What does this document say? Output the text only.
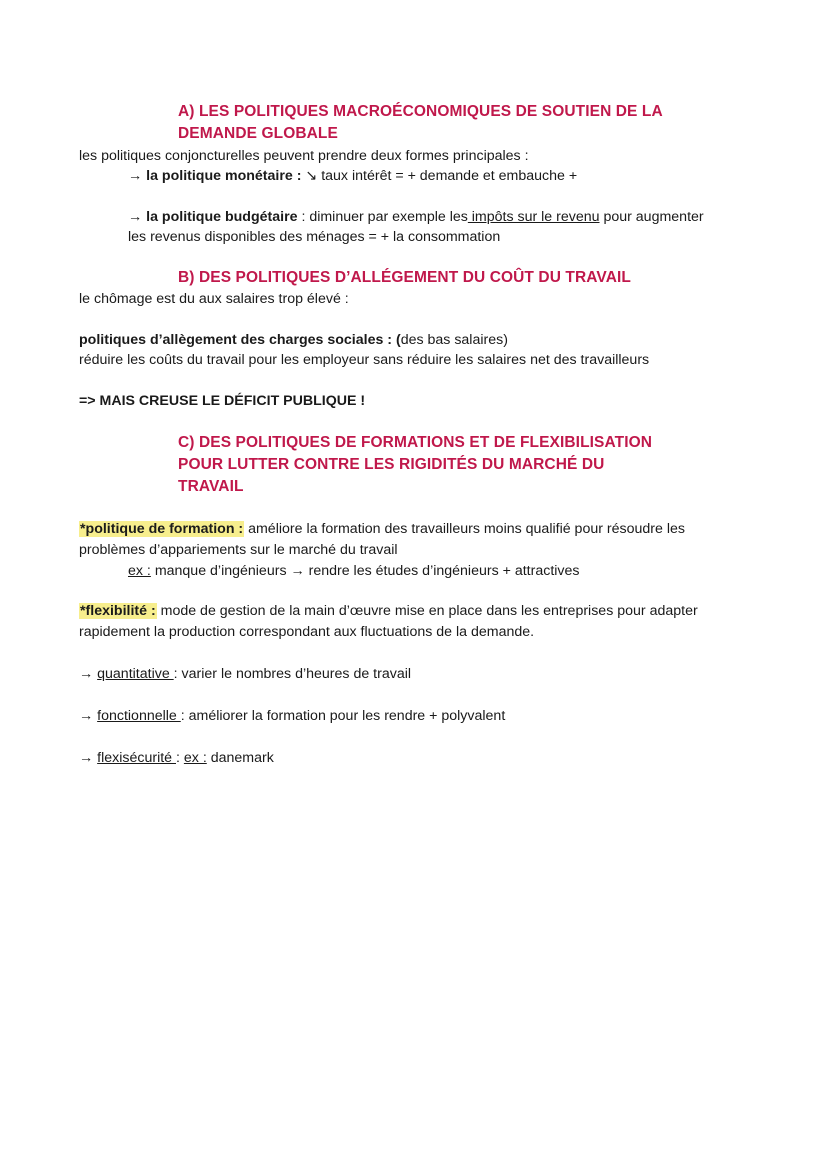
A) LES POLITIQUES MACROÉCONOMIQUES DE SOUTIEN DE LA
DEMANDE GLOBALE
les politiques conjoncturelles peuvent prendre deux formes principales :
→ la politique monétaire : ↘ taux intérêt = + demande et embauche +
→ la politique budgétaire : diminuer par exemple les impôts sur le revenu pour augmenter
les revenus disponibles des ménages = + la consommation
B) DES POLITIQUES D’ALLÉGEMENT DU COÛT DU TRAVAIL
le chômage est du aux salaires trop élevé :
politiques d’allègement des charges sociales : (des bas salaires)
réduire les coûts du travail pour les employeur sans réduire les salaires net des travailleurs
=> MAIS CREUSE LE DÉFICIT PUBLIQUE !
C) DES POLITIQUES DE FORMATIONS ET DE FLEXIBILISATION
POUR LUTTER CONTRE LES RIGIDITÉS DU MARCHÉ DU
TRAVAIL
*politique de formation : améliore la formation des travailleurs moins qualifié pour résoudre les
problèmes d’appariements sur le marché du travail
ex : manque d’ingénieurs → rendre les études d’ingénieurs + attractives
*flexibilité : mode de gestion de la main d’œuvre mise en place dans les entreprises pour adapter
rapidement la production correspondant aux fluctuations de la demande.
→ quantitative : varier le nombres d’heures de travail
→ fonctionnelle : améliorer la formation pour les rendre + polyvalent
→ flexisécurité : ex : danemark
